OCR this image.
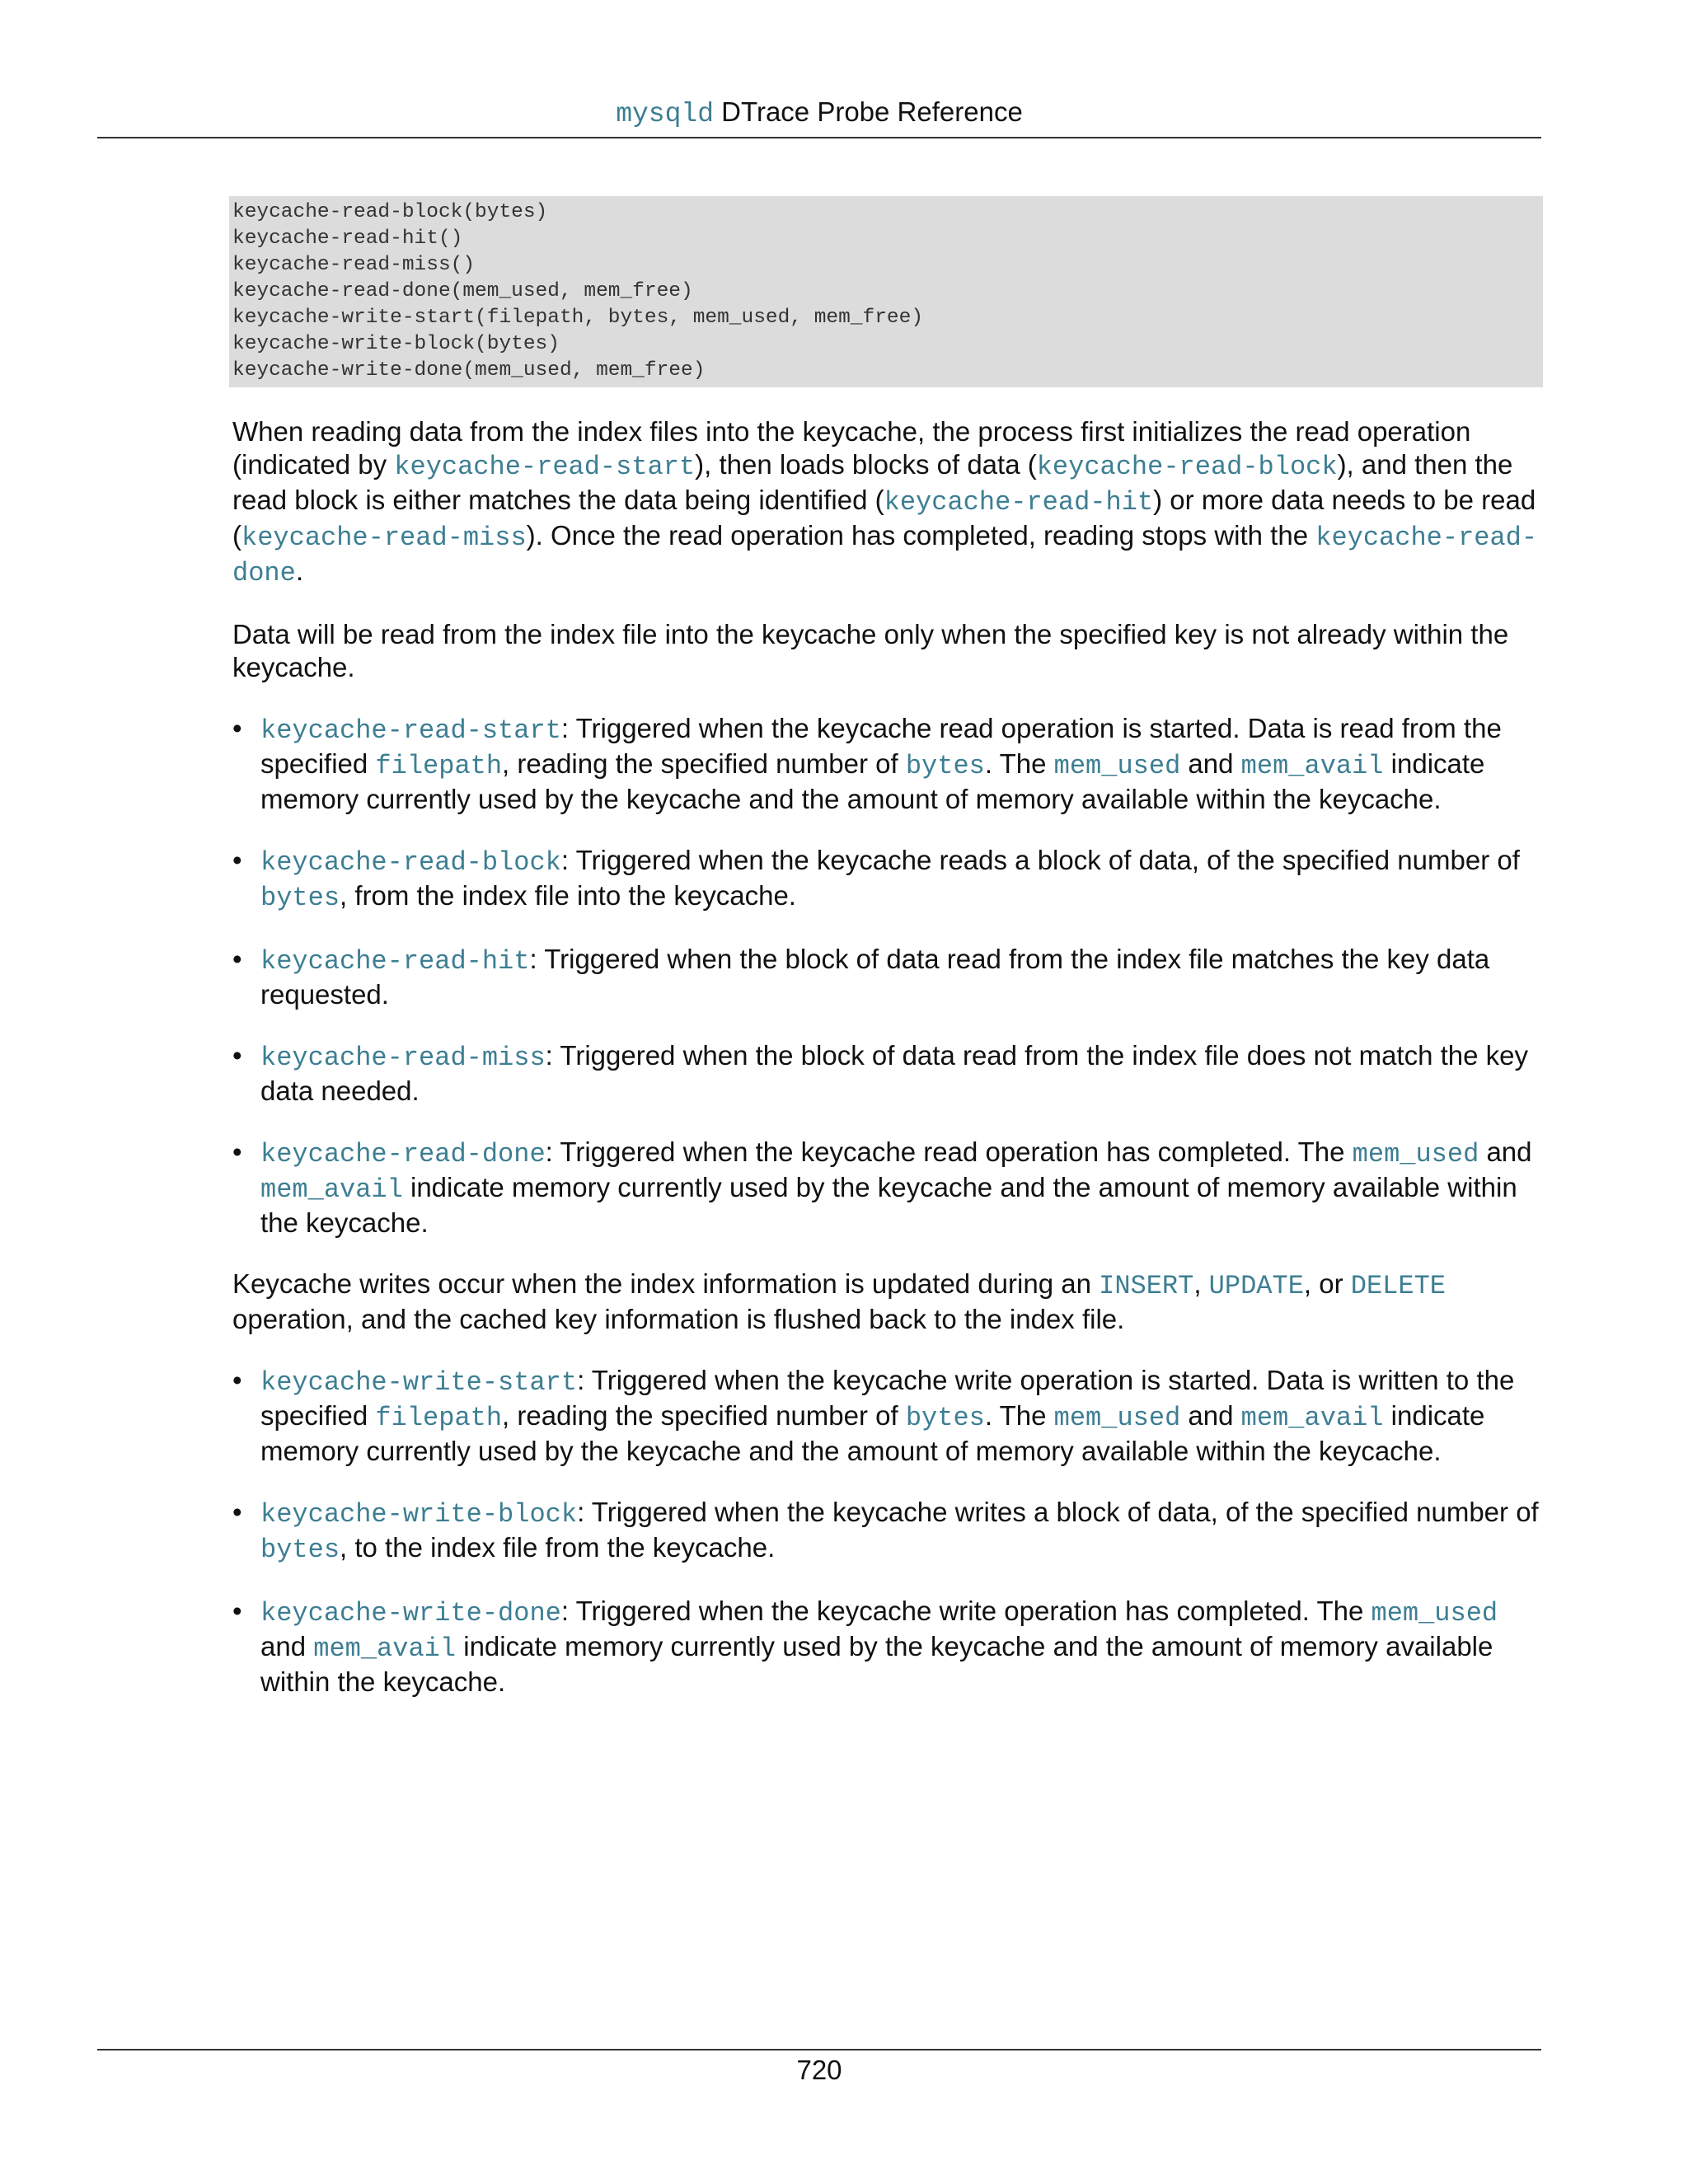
mysqld DTrace Probe Reference
keycache-read-block(bytes)
keycache-read-hit()
keycache-read-miss()
keycache-read-done(mem_used, mem_free)
keycache-write-start(filepath, bytes, mem_used, mem_free)
keycache-write-block(bytes)
keycache-write-done(mem_used, mem_free)

When reading data from the index files into the keycache, the process first initializes the read operation (indicated by keycache-read-start), then loads blocks of data (keycache-read-block), and then the read block is either matches the data being identified (keycache-read-hit) or more data needs to be read (keycache-read-miss). Once the read operation has completed, reading stops with the keycache-read-done.

Data will be read from the index file into the keycache only when the specified key is not already within the keycache.

• keycache-read-start: Triggered when the keycache read operation is started. Data is read from the specified filepath, reading the specified number of bytes. The mem_used and mem_avail indicate memory currently used by the keycache and the amount of memory available within the keycache.
• keycache-read-block: Triggered when the keycache reads a block of data, of the specified number of bytes, from the index file into the keycache.
• keycache-read-hit: Triggered when the block of data read from the index file matches the key data requested.
• keycache-read-miss: Triggered when the block of data read from the index file does not match the key data needed.
• keycache-read-done: Triggered when the keycache read operation has completed. The mem_used and mem_avail indicate memory currently used by the keycache and the amount of memory available within the keycache.

Keycache writes occur when the index information is updated during an INSERT, UPDATE, or DELETE operation, and the cached key information is flushed back to the index file.

• keycache-write-start: Triggered when the keycache write operation is started. Data is written to the specified filepath, reading the specified number of bytes. The mem_used and mem_avail indicate memory currently used by the keycache and the amount of memory available within the keycache.
• keycache-write-block: Triggered when the keycache writes a block of data, of the specified number of bytes, to the index file from the keycache.
• keycache-write-done: Triggered when the keycache write operation has completed. The mem_used and mem_avail indicate memory currently used by the keycache and the amount of memory available within the keycache.
720
